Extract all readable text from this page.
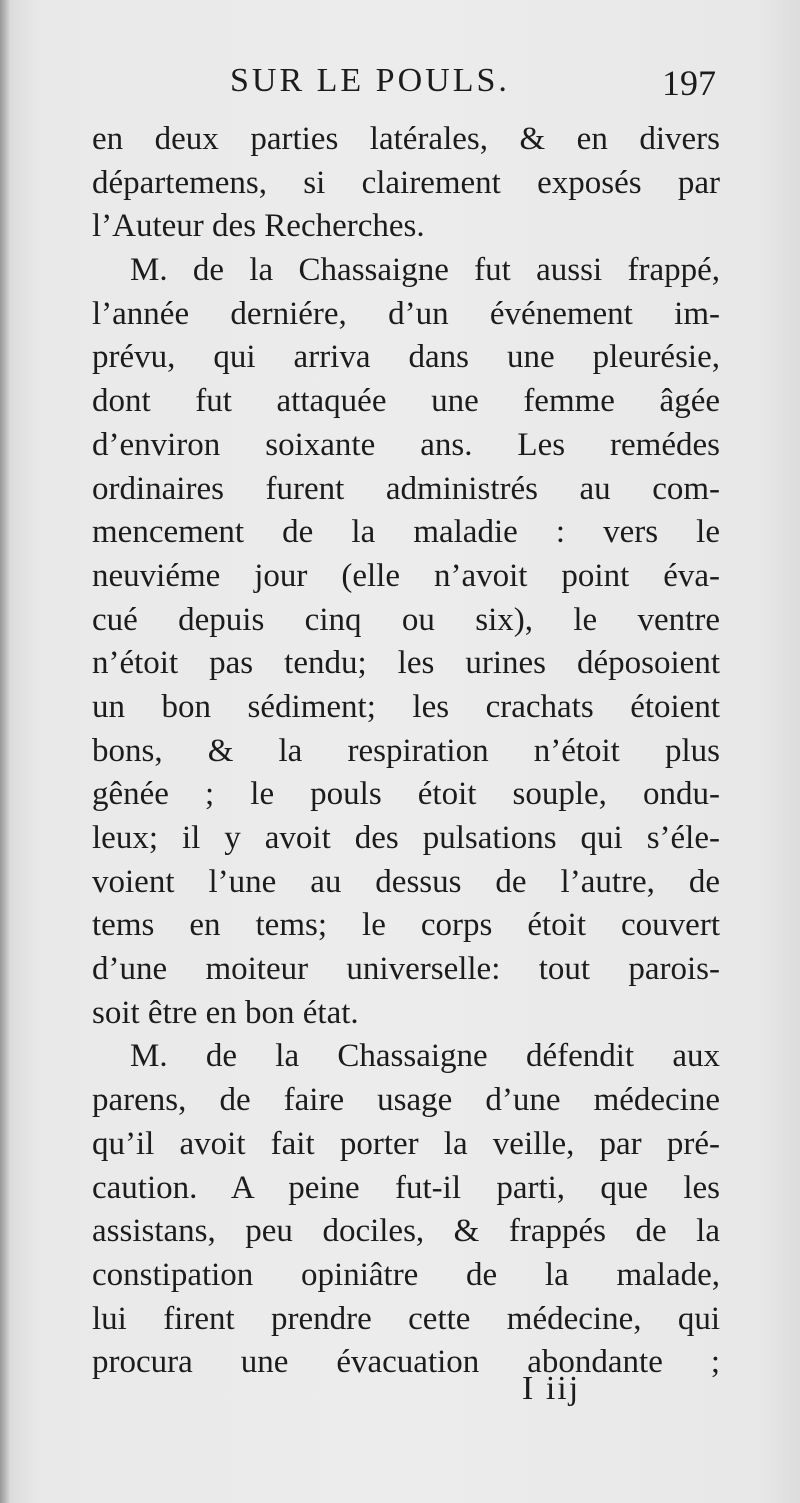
SUR LE POULS.	197
en deux parties latérales, & en divers
départemens, si clairement exposés par
l’Auteur des Recherches.
M. de la Chassaigne fut aussi frappé,
l’année derniére, d’un événement im-
prévu, qui arriva dans une pleurésie,
dont fut attaquée une femme âgée
d’environ soixante ans. Les remédes
ordinaires furent administrés au com-
mencement de la maladie : vers le
neuviéme jour (elle n’avoit point éva-
cué depuis cinq ou six), le ventre
n’étoit pas tendu; les urines déposoient
un bon sédiment; les crachats étoient
bons, & la respiration n’étoit plus
gênée ; le pouls étoit souple, ondu-
leux; il y avoit des pulsations qui s’éle-
voient l’une au dessus de l’autre, de
tems en tems; le corps étoit couvert
d’une moiteur universelle: tout parois-
soit être en bon état.
M. de la Chassaigne défendit aux
parens, de faire usage d’une médecine
qu’il avoit fait porter la veille, par pré-
caution. A peine fut-il parti, que les
assistans, peu dociles, & frappés de la
constipation opiniâtre de la malade,
lui firent prendre cette médecine, qui
procura une évacuation abondante ;
I iij
